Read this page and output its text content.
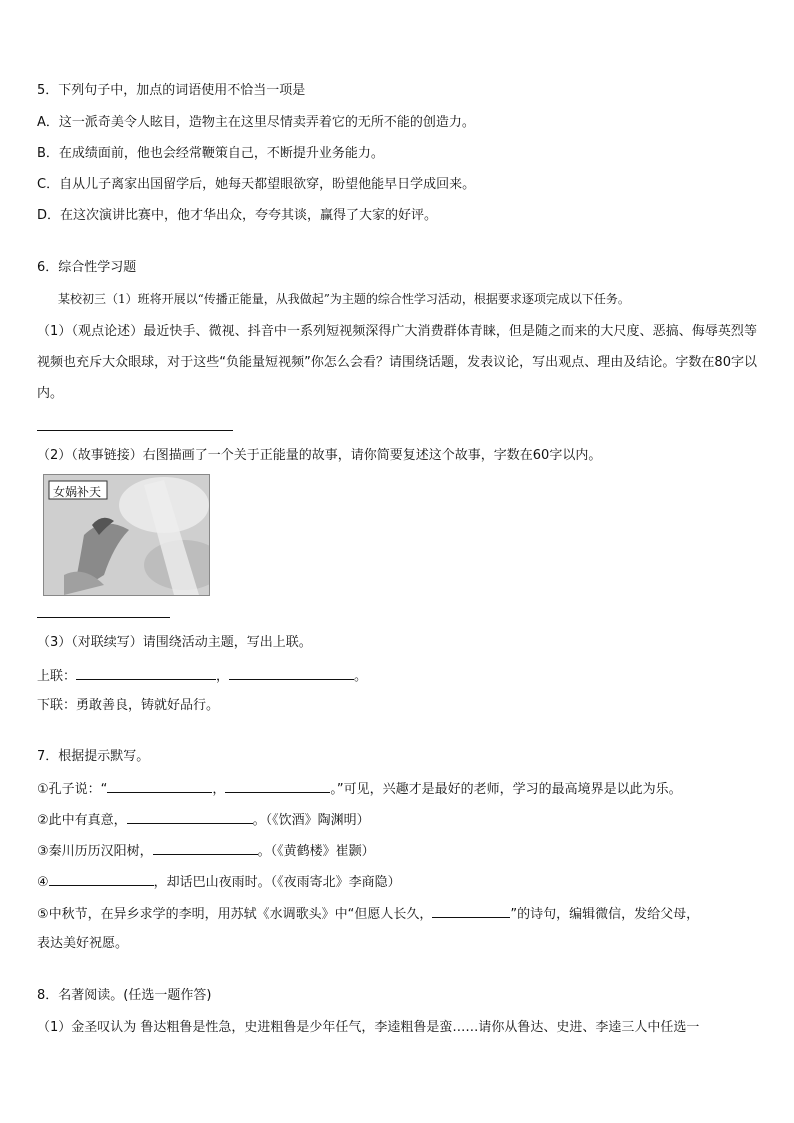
5．下列句子中，加点的词语使用不恰当一项是
A．这一派奇美令人眩目，造物主在这里尽情卖弄着它的无所不能的创造力。
B．在成绩面前，他也会经常鞭策自己，不断提升业务能力。
C．自从儿子离家出国留学后，她每天都望眼欲穿，盼望他能早日学成回来。
D．在这次演讲比赛中，他才华出众，夸夸其谈，赢得了大家的好评。
6．综合性学习题
某校初三（1）班将开展以“传播正能量，从我做起”为主题的综合性学习活动，根据要求逐项完成以下任务。
（1）（观点论述）最近快手、微视、抖音中一系列短视频深得广大消费群体青睐，但是随之而来的大尺度、恶搞、侮辱英烈等视频也充斥大众眼球，对于这些“负能量短视频”你怎么会看？请围绕话题，发表议论，写出观点、理由及结论。字数在80字以内。
（2）（故事链接）右图描画了一个关于正能量的故事，请你简要复述这个故事，字数在60字以内。
女娲补天
（3）（对联续写）请围绕活动主题，写出上联。
上联：	，	。
下联：勇敢善良，铸就好品行。
7．根据提示默写。
①孔子说：“	，	。”可见，兴趣才是最好的老师，学习的最高境界是以此为乐。
②此中有真意，	。（《饮酒》陶渊明）
③秦川历历汉阳树，	。（《黄鹤楼》崔颢）
④	，却话巴山夜雨时。（《夜雨寄北》李商隐）
⑤中秋节，在异乡求学的李明，用苏轼《水调歌头》中“但愿人长久，	”的诗句，编辑微信，发给父母，
表达美好祝愿。
8．名著阅读。(任选一题作答)
（1）金圣叹认为 鲁达粗鲁是性急，史进粗鲁是少年任气，李逵粗鲁是蛮……请你从鲁达、史进、李逵三人中任选一
